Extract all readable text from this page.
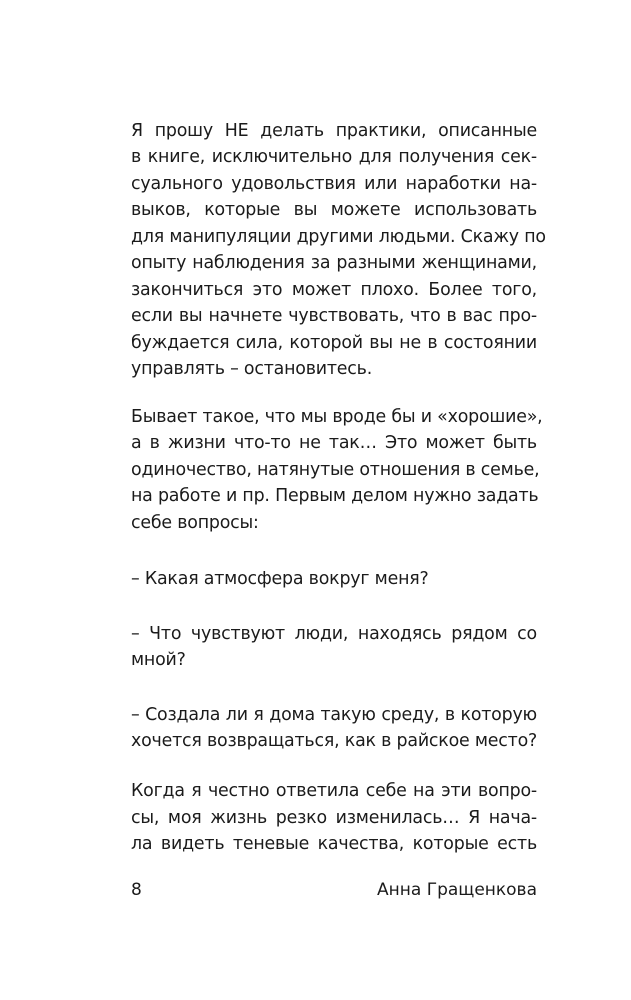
Я прошу НЕ делать практики, описанные
в книге, исключительно для получения сек-
суального удовольствия или наработки на-
выков, которые вы можете использовать
для манипуляции другими людьми. Скажу по
опыту наблюдения за разными женщинами,
закончиться это может плохо. Более того,
если вы начнете чувствовать, что в вас про-
буждается сила, которой вы не в состоянии
управлять – остановитесь.
Бывает такое, что мы вроде бы и «хорошие»,
а в жизни что-то не так… Это может быть
одиночество, натянутые отношения в семье,
на работе и пр. Первым делом нужно задать
себе вопросы:
– Какая атмосфера вокруг меня?
– Что чувствуют люди, находясь рядом со
мной?
– Создала ли я дома такую среду, в которую
хочется возвращаться, как в райское место?
Когда я честно ответила себе на эти вопро-
сы, моя жизнь резко изменилась… Я нача-
ла видеть теневые качества, которые есть
8	Анна Гращенкова
